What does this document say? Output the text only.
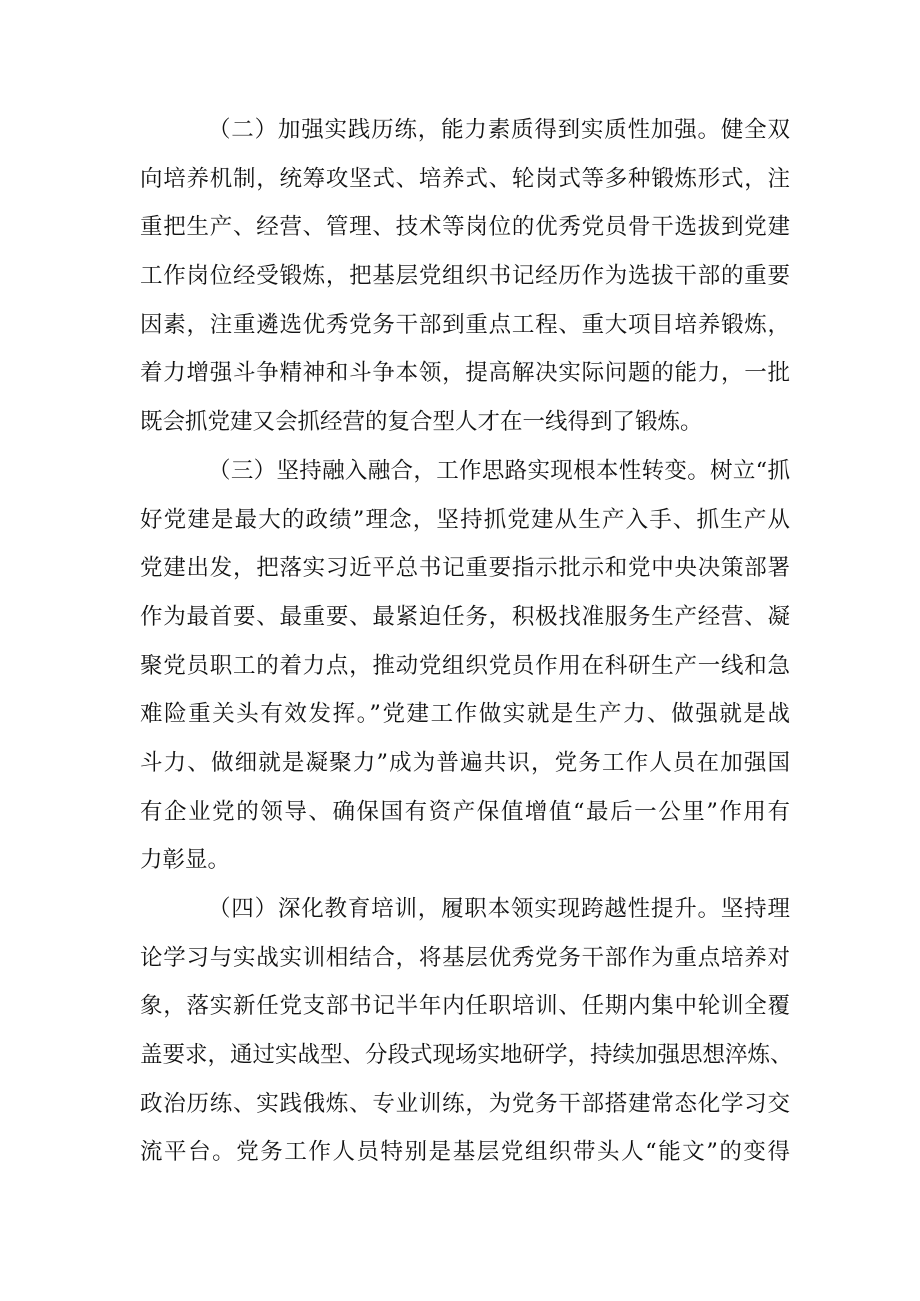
（二）加强实践历练，能力素质得到实质性加强。健全双
向培养机制，统筹攻坚式、培养式、轮岗式等多种锻炼形式，注
重把生产、经营、管理、技术等岗位的优秀党员骨干选拔到党建
工作岗位经受锻炼，把基层党组织书记经历作为选拔干部的重要
因素，注重遴选优秀党务干部到重点工程、重大项目培养锻炼，
着力增强斗争精神和斗争本领，提高解决实际问题的能力，一批
既会抓党建又会抓经营的复合型人才在一线得到了锻炼。
（三）坚持融入融合，工作思路实现根本性转变。树立“抓
好党建是最大的政绩”理念，坚持抓党建从生产入手、抓生产从
党建出发，把落实习近平总书记重要指示批示和党中央决策部署
作为最首要、最重要、最紧迫任务，积极找准服务生产经营、凝
聚党员职工的着力点，推动党组织党员作用在科研生产一线和急
难险重关头有效发挥。”党建工作做实就是生产力、做强就是战
斗力、做细就是凝聚力”成为普遍共识，党务工作人员在加强国
有企业党的领导、确保国有资产保值增值“最后一公里”作用有
力彰显。
（四）深化教育培训，履职本领实现跨越性提升。坚持理
论学习与实战实训相结合，将基层优秀党务干部作为重点培养对
象，落实新任党支部书记半年内任职培训、任期内集中轮训全覆
盖要求，通过实战型、分段式现场实地研学，持续加强思想淬炼、
政治历练、实践俄炼、专业训练，为党务干部搭建常态化学习交
流平台。党务工作人员特别是基层党组织带头人“能文”的变得
